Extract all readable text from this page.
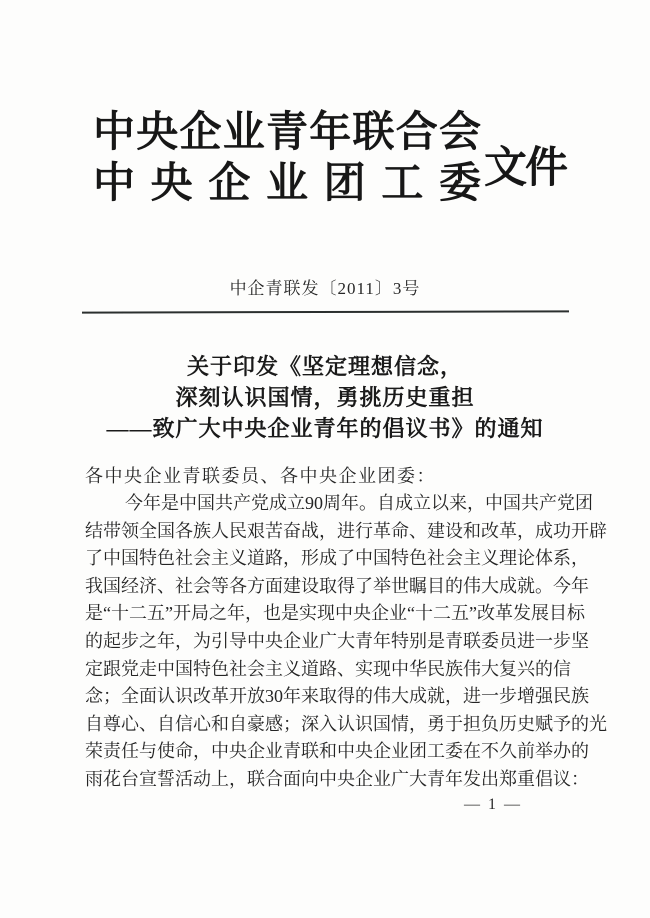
中央企业青年联合会
中央企业团工委 文件
中企青联发〔2011〕3号
关于印发《坚定理想信念，
深刻认识国情，勇挑历史重担
——致广大中央企业青年的倡议书》的通知
各中央企业青联委员、各中央企业团委：
今年是中国共产党成立90周年。自成立以来，中国共产党团
结带领全国各族人民艰苦奋战，进行革命、建设和改革，成功开辟
了中国特色社会主义道路，形成了中国特色社会主义理论体系，
我国经济、社会等各方面建设取得了举世瞩目的伟大成就。今年
是“十二五”开局之年，也是实现中央企业“十二五”改革发展目标
的起步之年，为引导中央企业广大青年特别是青联委员进一步坚
定跟党走中国特色社会主义道路、实现中华民族伟大复兴的信
念；全面认识改革开放30年来取得的伟大成就，进一步增强民族
自尊心、自信心和自豪感；深入认识国情，勇于担负历史赋予的光
荣责任与使命，中央企业青联和中央企业团工委在不久前举办的
雨花台宣誓活动上，联合面向中央企业广大青年发出郑重倡议：
— 1 —
